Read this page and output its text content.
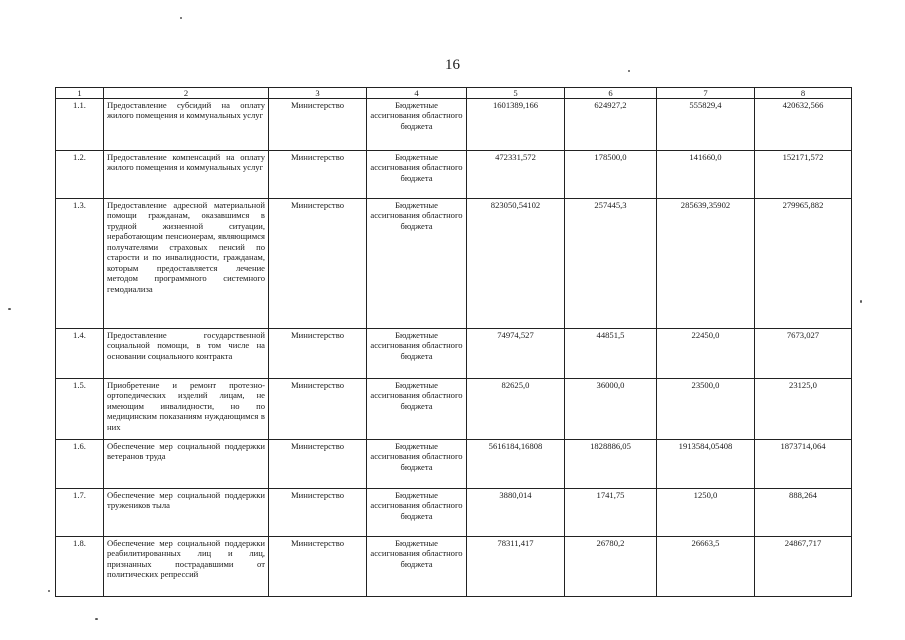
16
1	2	3	4	5	6	7	8
1.1.	Предоставление субсидий на оплату жилого помещения и коммунальных услуг	Министерство	Бюджетные ассигнования областного бюджета	1601389,166	624927,2	555829,4	420632,566
1.2.	Предоставление компенсаций на оплату жилого помещения и коммунальных услуг	Министерство	Бюджетные ассигнования областного бюджета	472331,572	178500,0	141660,0	152171,572
1.3.	Предоставление адресной материальной помощи гражданам, оказавшимся в трудной жизненной ситуации, неработающим пенсионерам, являющимся получателями страховых пенсий по старости и по инвалидности, гражданам, которым предоставляется лечение методом программного системного гемодиализа	Министерство	Бюджетные ассигнования областного бюджета	823050,54102	257445,3	285639,35902	279965,882
1.4.	Предоставление государственной социальной помощи, в том числе на основании социального контракта	Министерство	Бюджетные ассигнования областного бюджета	74974,527	44851,5	22450,0	7673,027
1.5.	Приобретение и ремонт протезно-ортопедических изделий лицам, не имеющим инвалидности, но по медицинским показаниям нуждающимся в них	Министерство	Бюджетные ассигнования областного бюджета	82625,0	36000,0	23500,0	23125,0
1.6.	Обеспечение мер социальной поддержки ветеранов труда	Министерство	Бюджетные ассигнования областного бюджета	5616184,16808	1828886,05	1913584,05408	1873714,064
1.7.	Обеспечение мер социальной поддержки тружеников тыла	Министерство	Бюджетные ассигнования областного бюджета	3880,014	1741,75	1250,0	888,264
1.8.	Обеспечение мер социальной поддержки реабилитированных лиц и лиц, признанных пострадавшими от политических репрессий	Министерство	Бюджетные ассигнования областного бюджета	78311,417	26780,2	26663,5	24867,717
